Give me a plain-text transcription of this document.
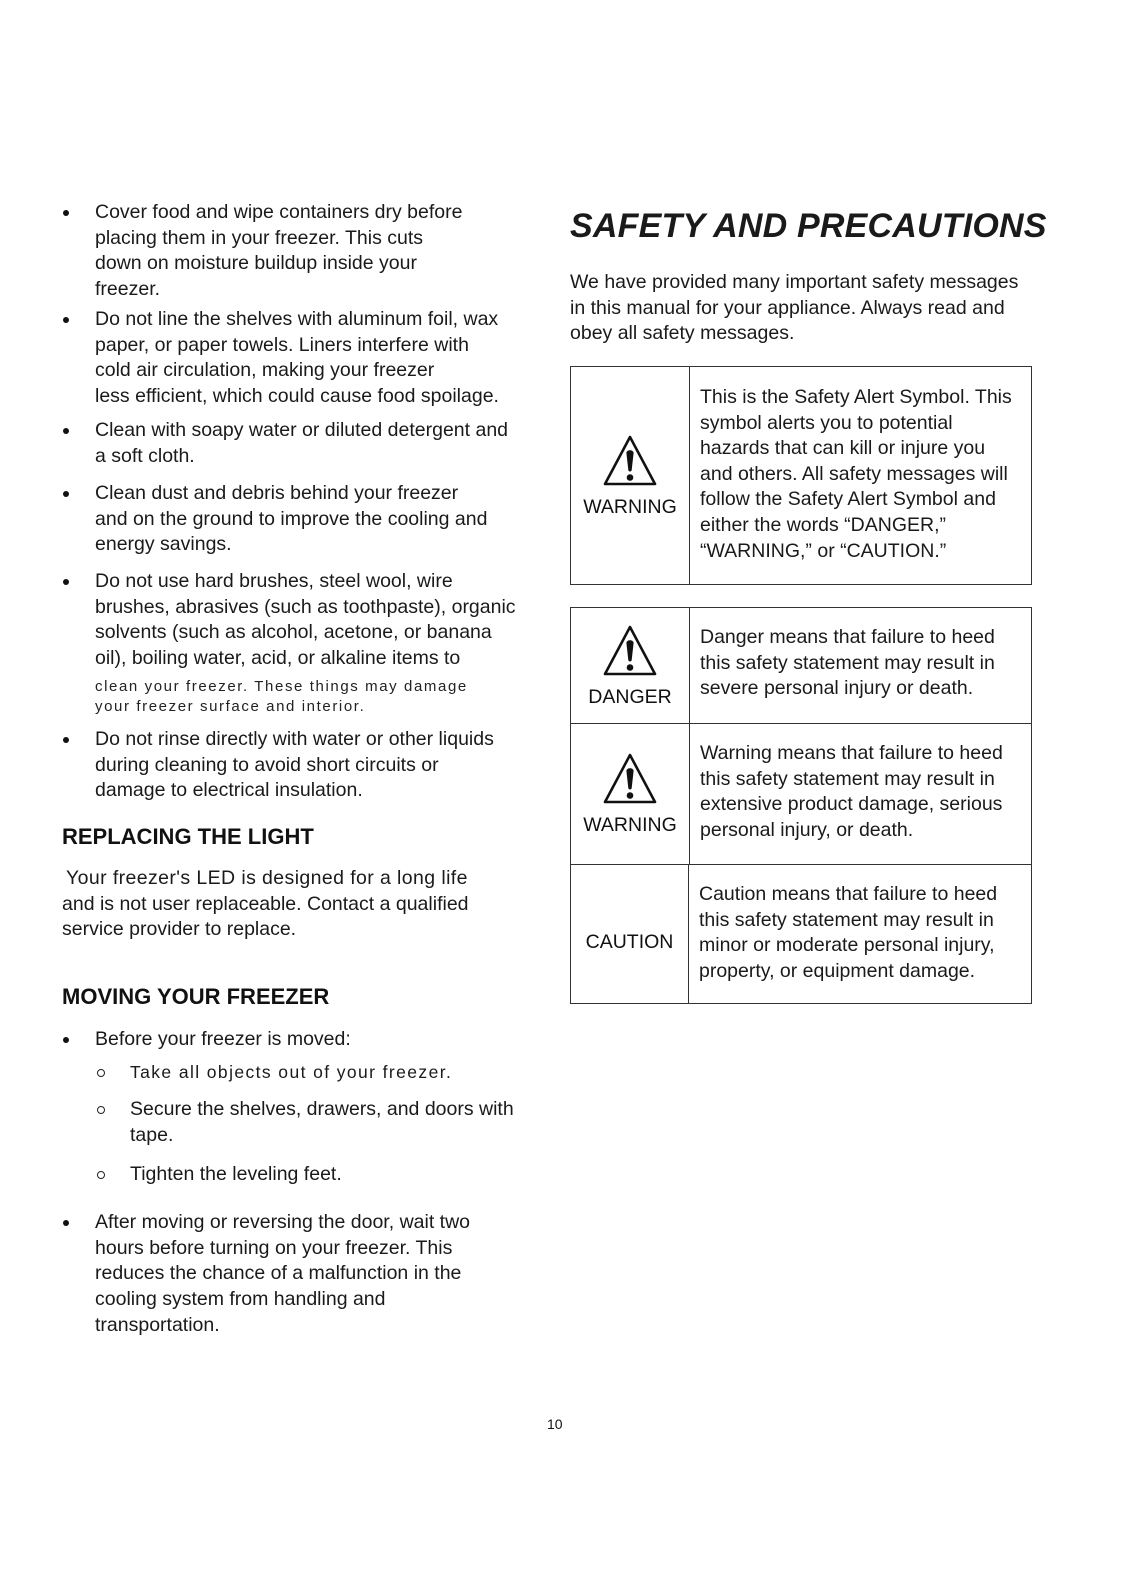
Cover food and wipe containers dry before
placing them in your freezer. This cuts
down on moisture buildup inside your
freezer.
Do not line the shelves with aluminum foil, wax
paper, or paper towels. Liners interfere with
cold air circulation, making your freezer
less efficient, which could cause food spoilage.
Clean with soapy water or diluted detergent and
a soft cloth.
Clean dust and debris behind your freezer
and on the ground to improve the cooling and
energy savings.
Do not use hard brushes, steel wool, wire
brushes, abrasives (such as toothpaste), organic
solvents (such as alcohol, acetone, or banana
oil), boiling water, acid, or alkaline items to
clean your freezer. These things may damage
your freezer surface and interior.
Do not rinse directly with water or other liquids
during cleaning to avoid short circuits or
damage to electrical insulation.
REPLACING THE LIGHT
Your freezer's LED is designed for a long life
and is not user replaceable. Contact a qualified
service provider to replace.
MOVING YOUR FREEZER
Before your freezer is moved:
Take all objects out of your freezer.
Secure the shelves, drawers, and doors with
tape.
Tighten the leveling feet.
After moving or reversing the door, wait two
hours before turning on your freezer. This
reduces the chance of a malfunction in the
cooling system from handling and
transportation.
SAFETY AND PRECAUTIONS
We have provided many important safety messages
in this manual for your appliance. Always read and
obey all safety messages.
WARNING
This is the Safety Alert Symbol. This
symbol alerts you to potential
hazards that can kill or injure you
and others. All safety messages will
follow the Safety Alert Symbol and
either the words “DANGER,”
“WARNING,” or “CAUTION.”
DANGER
Danger means that failure to heed
this safety statement may result in
severe personal injury or death.
WARNING
Warning means that failure to heed
this safety statement may result in
extensive product damage, serious
personal injury, or death.
CAUTION
Caution means that failure to heed
this safety statement may result in
minor or moderate personal injury,
property, or equipment damage.
10
